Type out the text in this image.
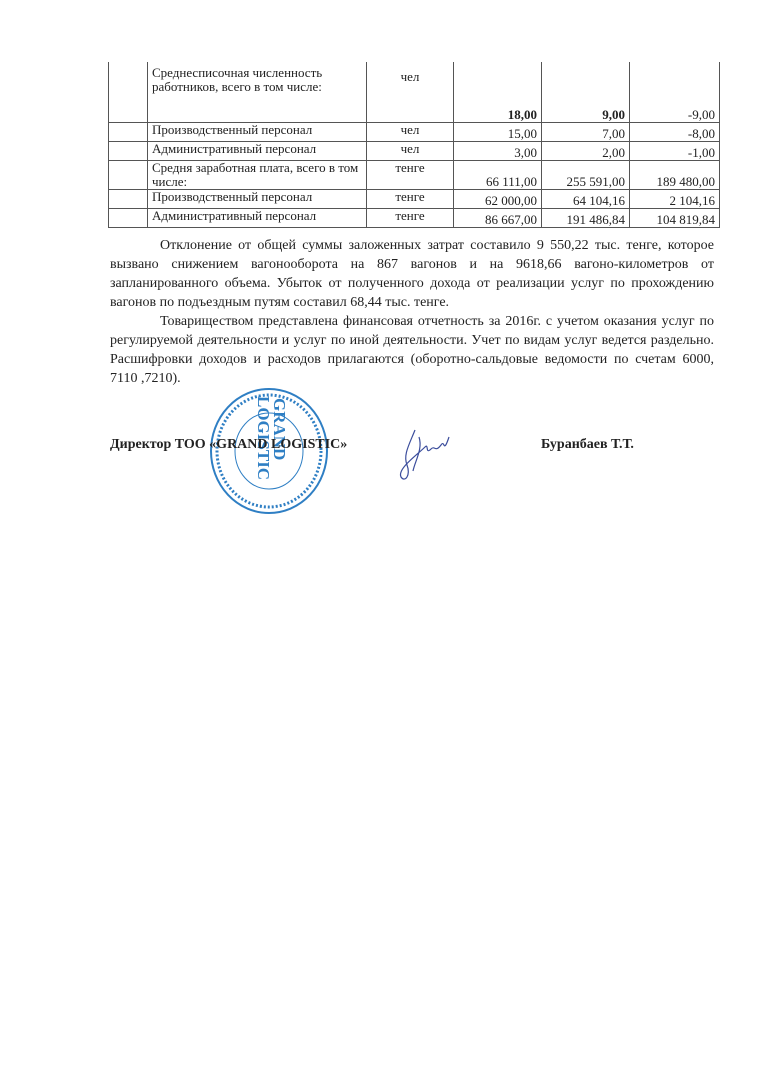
	Среднесписочная численность работников, всего в том числе:	чел	18,00	9,00	-9,00
	Производственный персонал	чел	15,00	7,00	-8,00
	Административный персонал	чел	3,00	2,00	-1,00
	Средня заработная плата, всего в том числе:	тенге	66 111,00	255 591,00	189 480,00
	Производственный персонал	тенге	62 000,00	64 104,16	2 104,16
	Административный персонал	тенге	86 667,00	191 486,84	104 819,84

Отклонение от общей суммы заложенных затрат составило 9 550,22 тыс. тенге, которое вызвано снижением вагонооборота на 867 вагонов и на 9618,66 вагоно-километров от запланированного объема. Убыток от полученного дохода от реализации услуг по прохождению вагонов по подъездным путям составил 68,44 тыс. тенге.

Товариществом представлена финансовая отчетность за 2016г. с учетом оказания услуг по регулируемой деятельности и услуг по иной деятельности. Учет по видам услуг ведется раздельно. Расшифровки доходов и расходов прилагаются (оборотно-сальдовые ведомости по счетам 6000, 7110 ,7210).

GRAND
LOGISTIC
Директор ТОО «GRAND LOGISTIC»	Буранбаев Т.Т.
